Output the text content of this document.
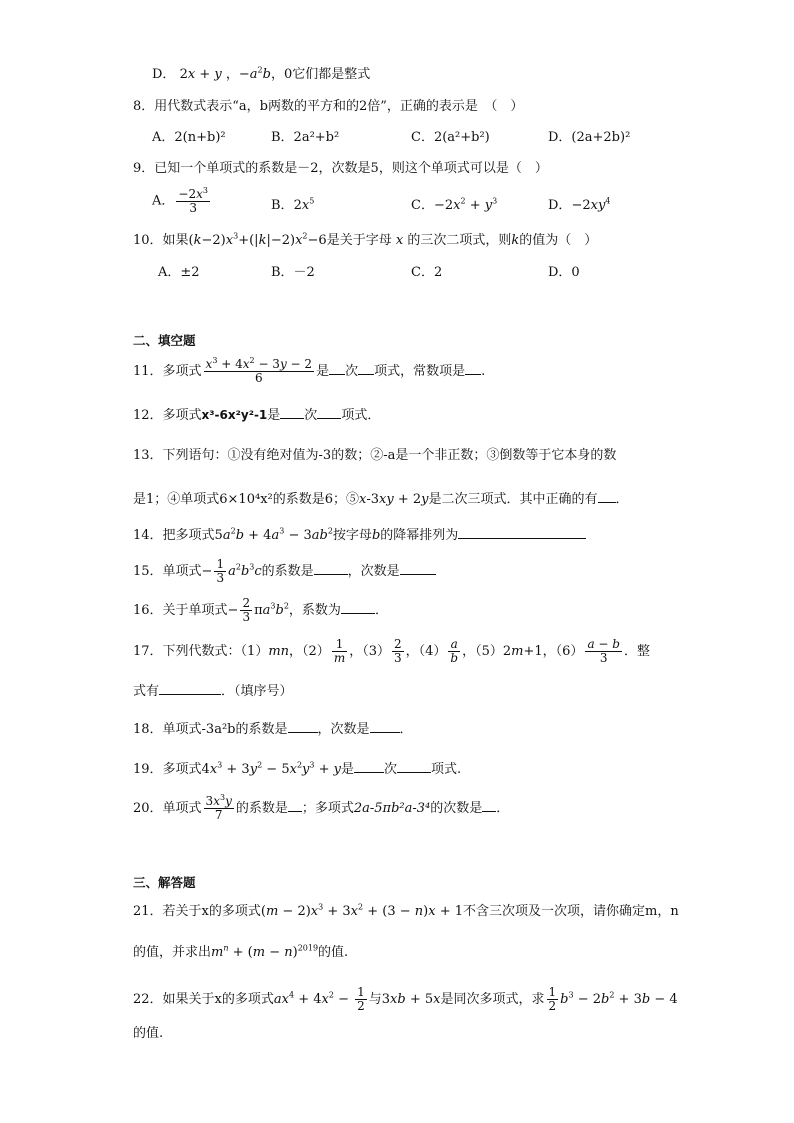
D． 2x + y ，$-a^2b$，0它们都是整式
8．用代数式表示“a，b两数的平方和的2倍”，正确的表示是　（　）
A．2(n+b)²	B．2a²+b²	C．2(a²+b²)	D．(2a+2b)²
9．已知一个单项式的系数是－2，次数是5，则这个单项式可以是（　）
A． $\frac{-2x^3}{3}$	B．$2x^5$	C．$-2x^2 + y^3$	D．$-2xy^4$
10．如果$(k-2)x^3+(|k|-2)x^2-6$是关于字母 x 的三次二项式，则k的值为（　）
A．±2	B．－2	C．2	D．0
二、填空题
11．多项式 $\frac{x^3 + 4x^2 - 3y - 2}{6}$ 是 次 项式，常数项是 .
12．多项式x³-6x²y²-1是 次 项式．
13．下列语句：①没有绝对值为-3的数；②-a是一个非正数；③倒数等于它本身的数
是1；④单项式6×10⁴x²的系数是6；⑤x-3xy + 2y是二次三项式．其中正确的有 ．
14．把多项式$5a^2b + 4a^3 - 3ab^2$按字母b的降幂排列为
15．单项式− $\frac{1}{3} a^2b^3c$的系数是	，次数是
16．关于单项式− $\frac{2}{3} \pi a^3b^2$，系数为	．
17．下列代数式：（1）mn，$(2) \frac{1}{m}$ ，$(3) \frac{2}{3}$ ，$(4) \frac{a}{b}$ ，（5）2m+1，$(6) \frac{a - b}{3}$ ．整
式有	．（填序号）
18．单项式-3a²b的系数是 ，次数是 ．
19．多项式$4x^3 + 3y^2 - 5x^2y^3 + y$是 次	项式.
20．单项式 $\frac{3x^3y}{7}$ 的系数是 ；多项式2a-5πb²a-3⁴的次数是 ．
三、解答题
21．若关于x的多项式$(m - 2)x^3 + 3x^2 + (3 - n)x + 1$不含三次项及一次项，请你确定m，n
的值，并求出$m^n + (m - n)^{2019}$的值.
22．如果关于x的多项式$ax^4 + 4x^2 - \frac{1}{2}$ 与3xb + 5x是同次多项式，求 $\frac{1}{2} b^3 - 2b^2 + 3b - 4$
的值.
